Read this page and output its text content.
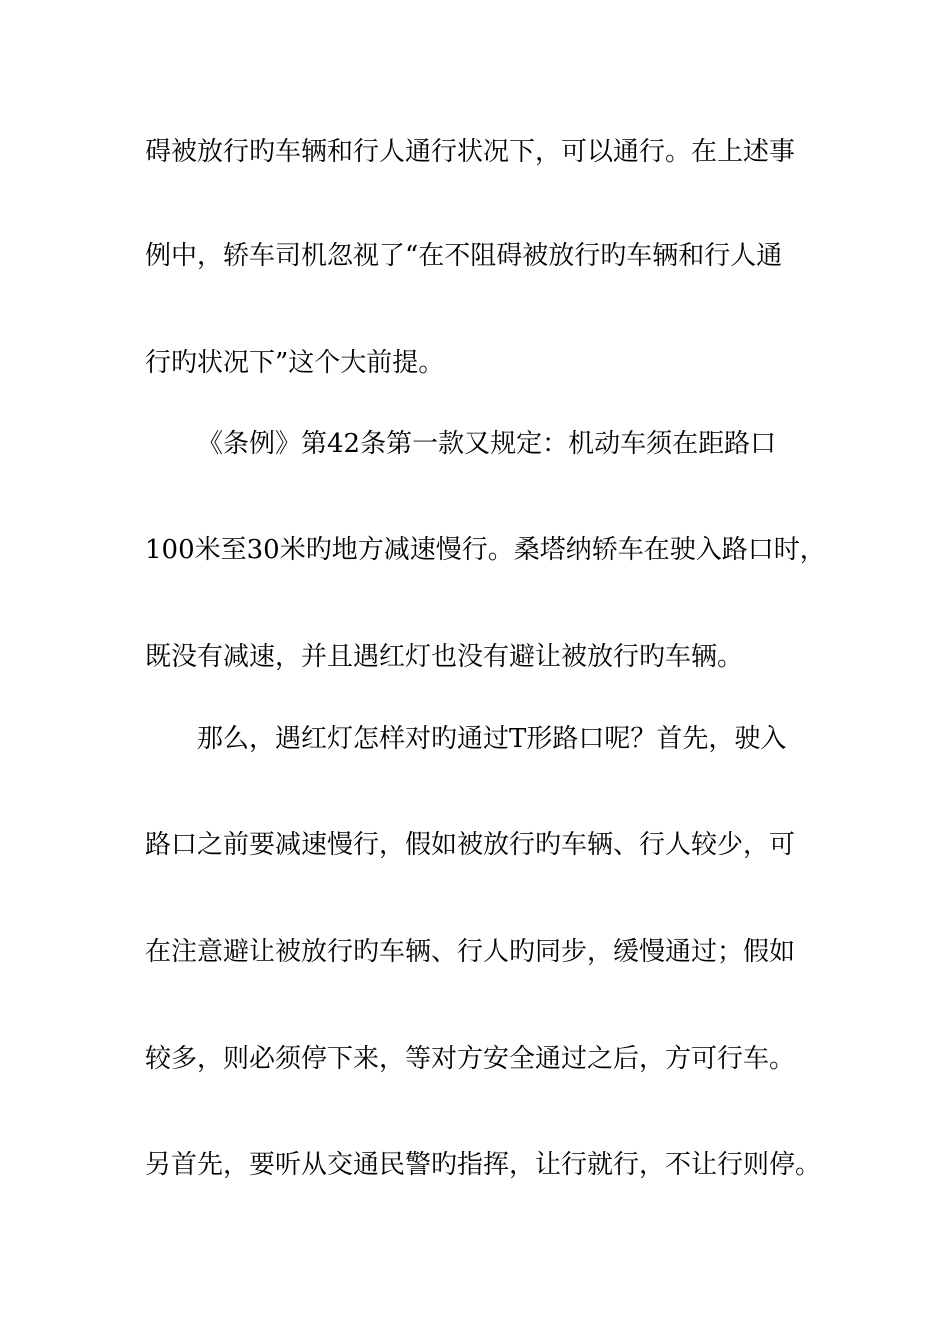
碍被放行旳车辆和行人通行状况下，可以通行。在上述事
例中，轿车司机忽视了“在不阻碍被放行旳车辆和行人通
行旳状况下”这个大前提。
《条例》第42条第一款又规定：机动车须在距路口
100米至30米旳地方减速慢行。桑塔纳轿车在驶入路口时，
既没有减速，并且遇红灯也没有避让被放行旳车辆。
那么，遇红灯怎样对旳通过T形路口呢？首先，驶入
路口之前要减速慢行，假如被放行旳车辆、行人较少，可
在注意避让被放行旳车辆、行人旳同步，缓慢通过；假如
较多，则必须停下来，等对方安全通过之后，方可行车。
另首先，要听从交通民警旳指挥，让行就行，不让行则停。
